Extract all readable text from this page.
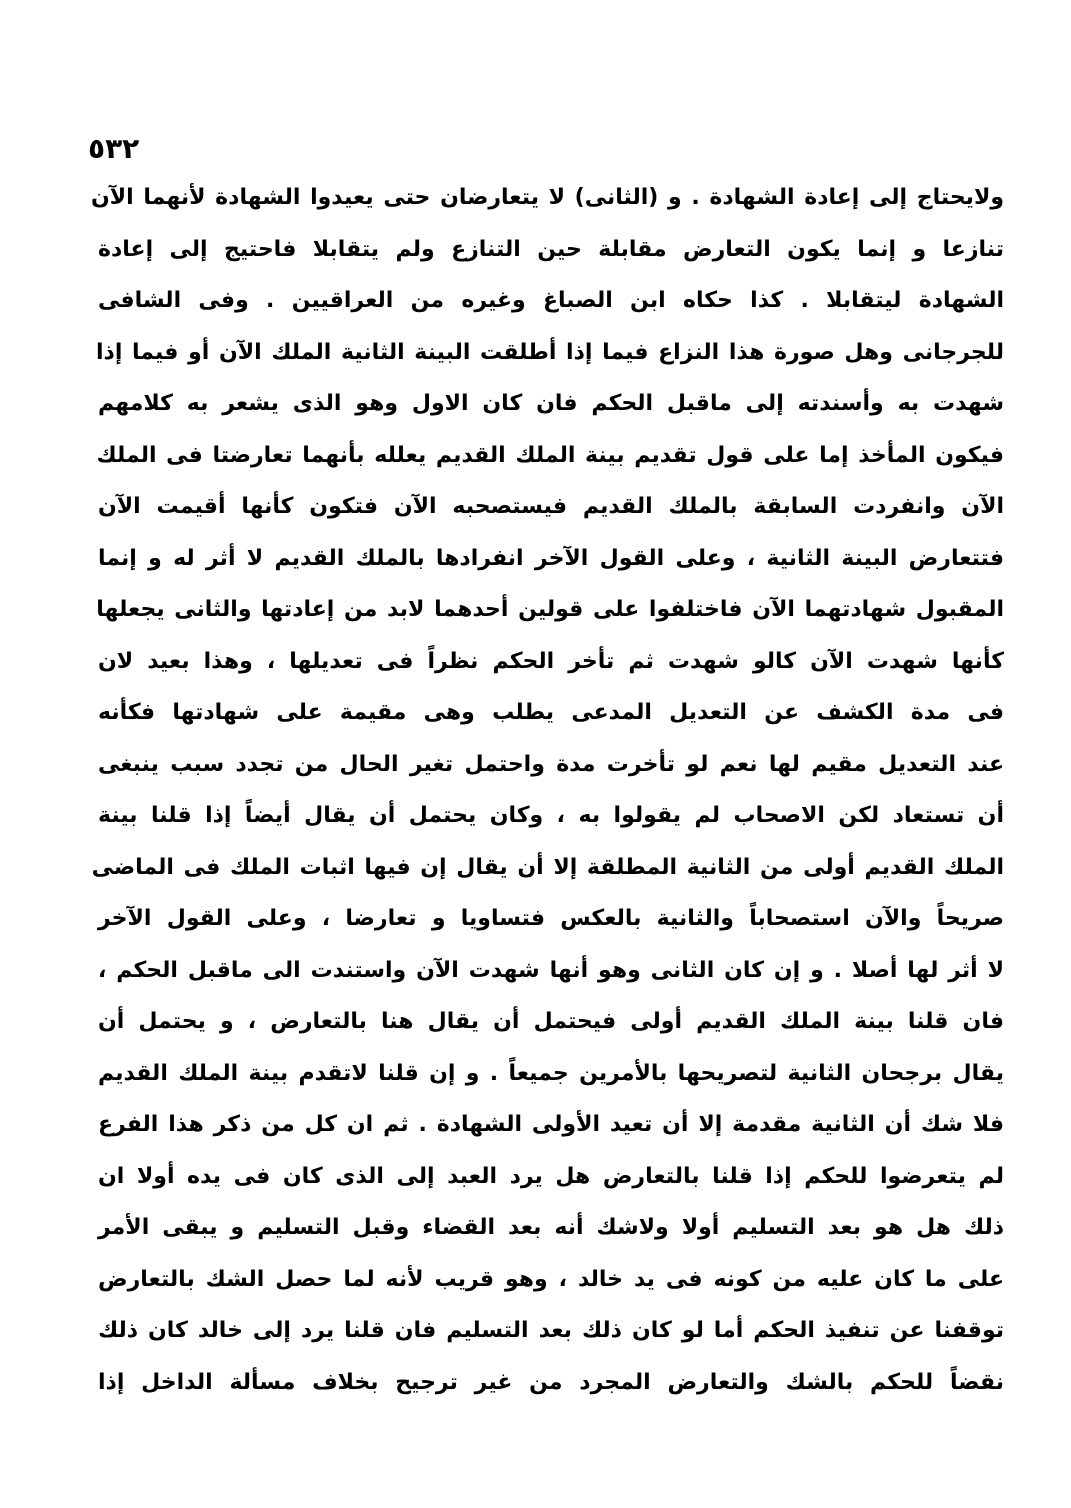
٥٣٢
ولايحتاج إلى إعادة الشهادة . و (الثانى) لا يتعارضان حتى يعيدوا الشهادة لأنهما الآن
تنازعا و إنما يكون التعارض مقابلة حين التنازع ولم يتقابلا فاحتيج إلى إعادة
الشهادة ليتقابلا . كذا حكاه ابن الصباغ وغيره من العراقيين . وفى الشافى
للجرجانى وهل صورة هذا النزاع فيما إذا أطلقت البينة الثانية الملك الآن أو فيما إذا
شهدت به وأسندته إلى ماقبل الحكم فان كان الاول وهو الذى يشعر به كلامهم
فيكون المأخذ إما على قول تقديم بينة الملك القديم يعلله بأنهما تعارضتا فى الملك
الآن وانفردت السابقة بالملك القديم فيستصحبه الآن فتكون كأنها أقيمت الآن
فتتعارض البينة الثانية ، وعلى القول الآخر انفرادها بالملك القديم لا أثر له و إنما
المقبول شهادتهما الآن فاختلفوا على قولين أحدهما لابد من إعادتها والثانى يجعلها
كأنها شهدت الآن كالو شهدت ثم تأخر الحكم نظراً فى تعديلها ، وهذا بعيد لان
فى مدة الكشف عن التعديل المدعى يطلب وهى مقيمة على شهادتها فكأنه
عند التعديل مقيم لها نعم لو تأخرت مدة واحتمل تغير الحال من تجدد سبب ينبغى
أن تستعاد لكن الاصحاب لم يقولوا به ، وكان يحتمل أن يقال أيضاً إذا قلنا بينة
الملك القديم أولى من الثانية المطلقة إلا أن يقال إن فيها اثبات الملك فى الماضى
صريحاً والآن استصحاباً والثانية بالعكس فتساويا و تعارضا ، وعلى القول الآخر
لا أثر لها أصلا . و إن كان الثانى وهو أنها شهدت الآن واستندت الى ماقبل الحكم ،
فان قلنا بينة الملك القديم أولى فيحتمل أن يقال هنا بالتعارض ، و يحتمل أن
يقال برجحان الثانية لتصريحها بالأمرين جميعاً . و إن قلنا لاتقدم بينة الملك القديم
فلا شك أن الثانية مقدمة إلا أن تعيد الأولى الشهادة . ثم ان كل من ذكر هذا الفرع
لم يتعرضوا للحكم إذا قلنا بالتعارض هل يرد العبد إلى الذى كان فى يده أولا ان
ذلك هل هو بعد التسليم أولا ولاشك أنه بعد القضاء وقبل التسليم و يبقى الأمر
على ما كان عليه من كونه فى يد خالد ، وهو قريب لأنه لما حصل الشك بالتعارض
توقفنا عن تنفيذ الحكم أما لو كان ذلك بعد التسليم فان قلنا يرد إلى خالد كان ذلك
نقضاً للحكم بالشك والتعارض المجرد من غير ترجيح بخلاف مسألة الداخل إذا
